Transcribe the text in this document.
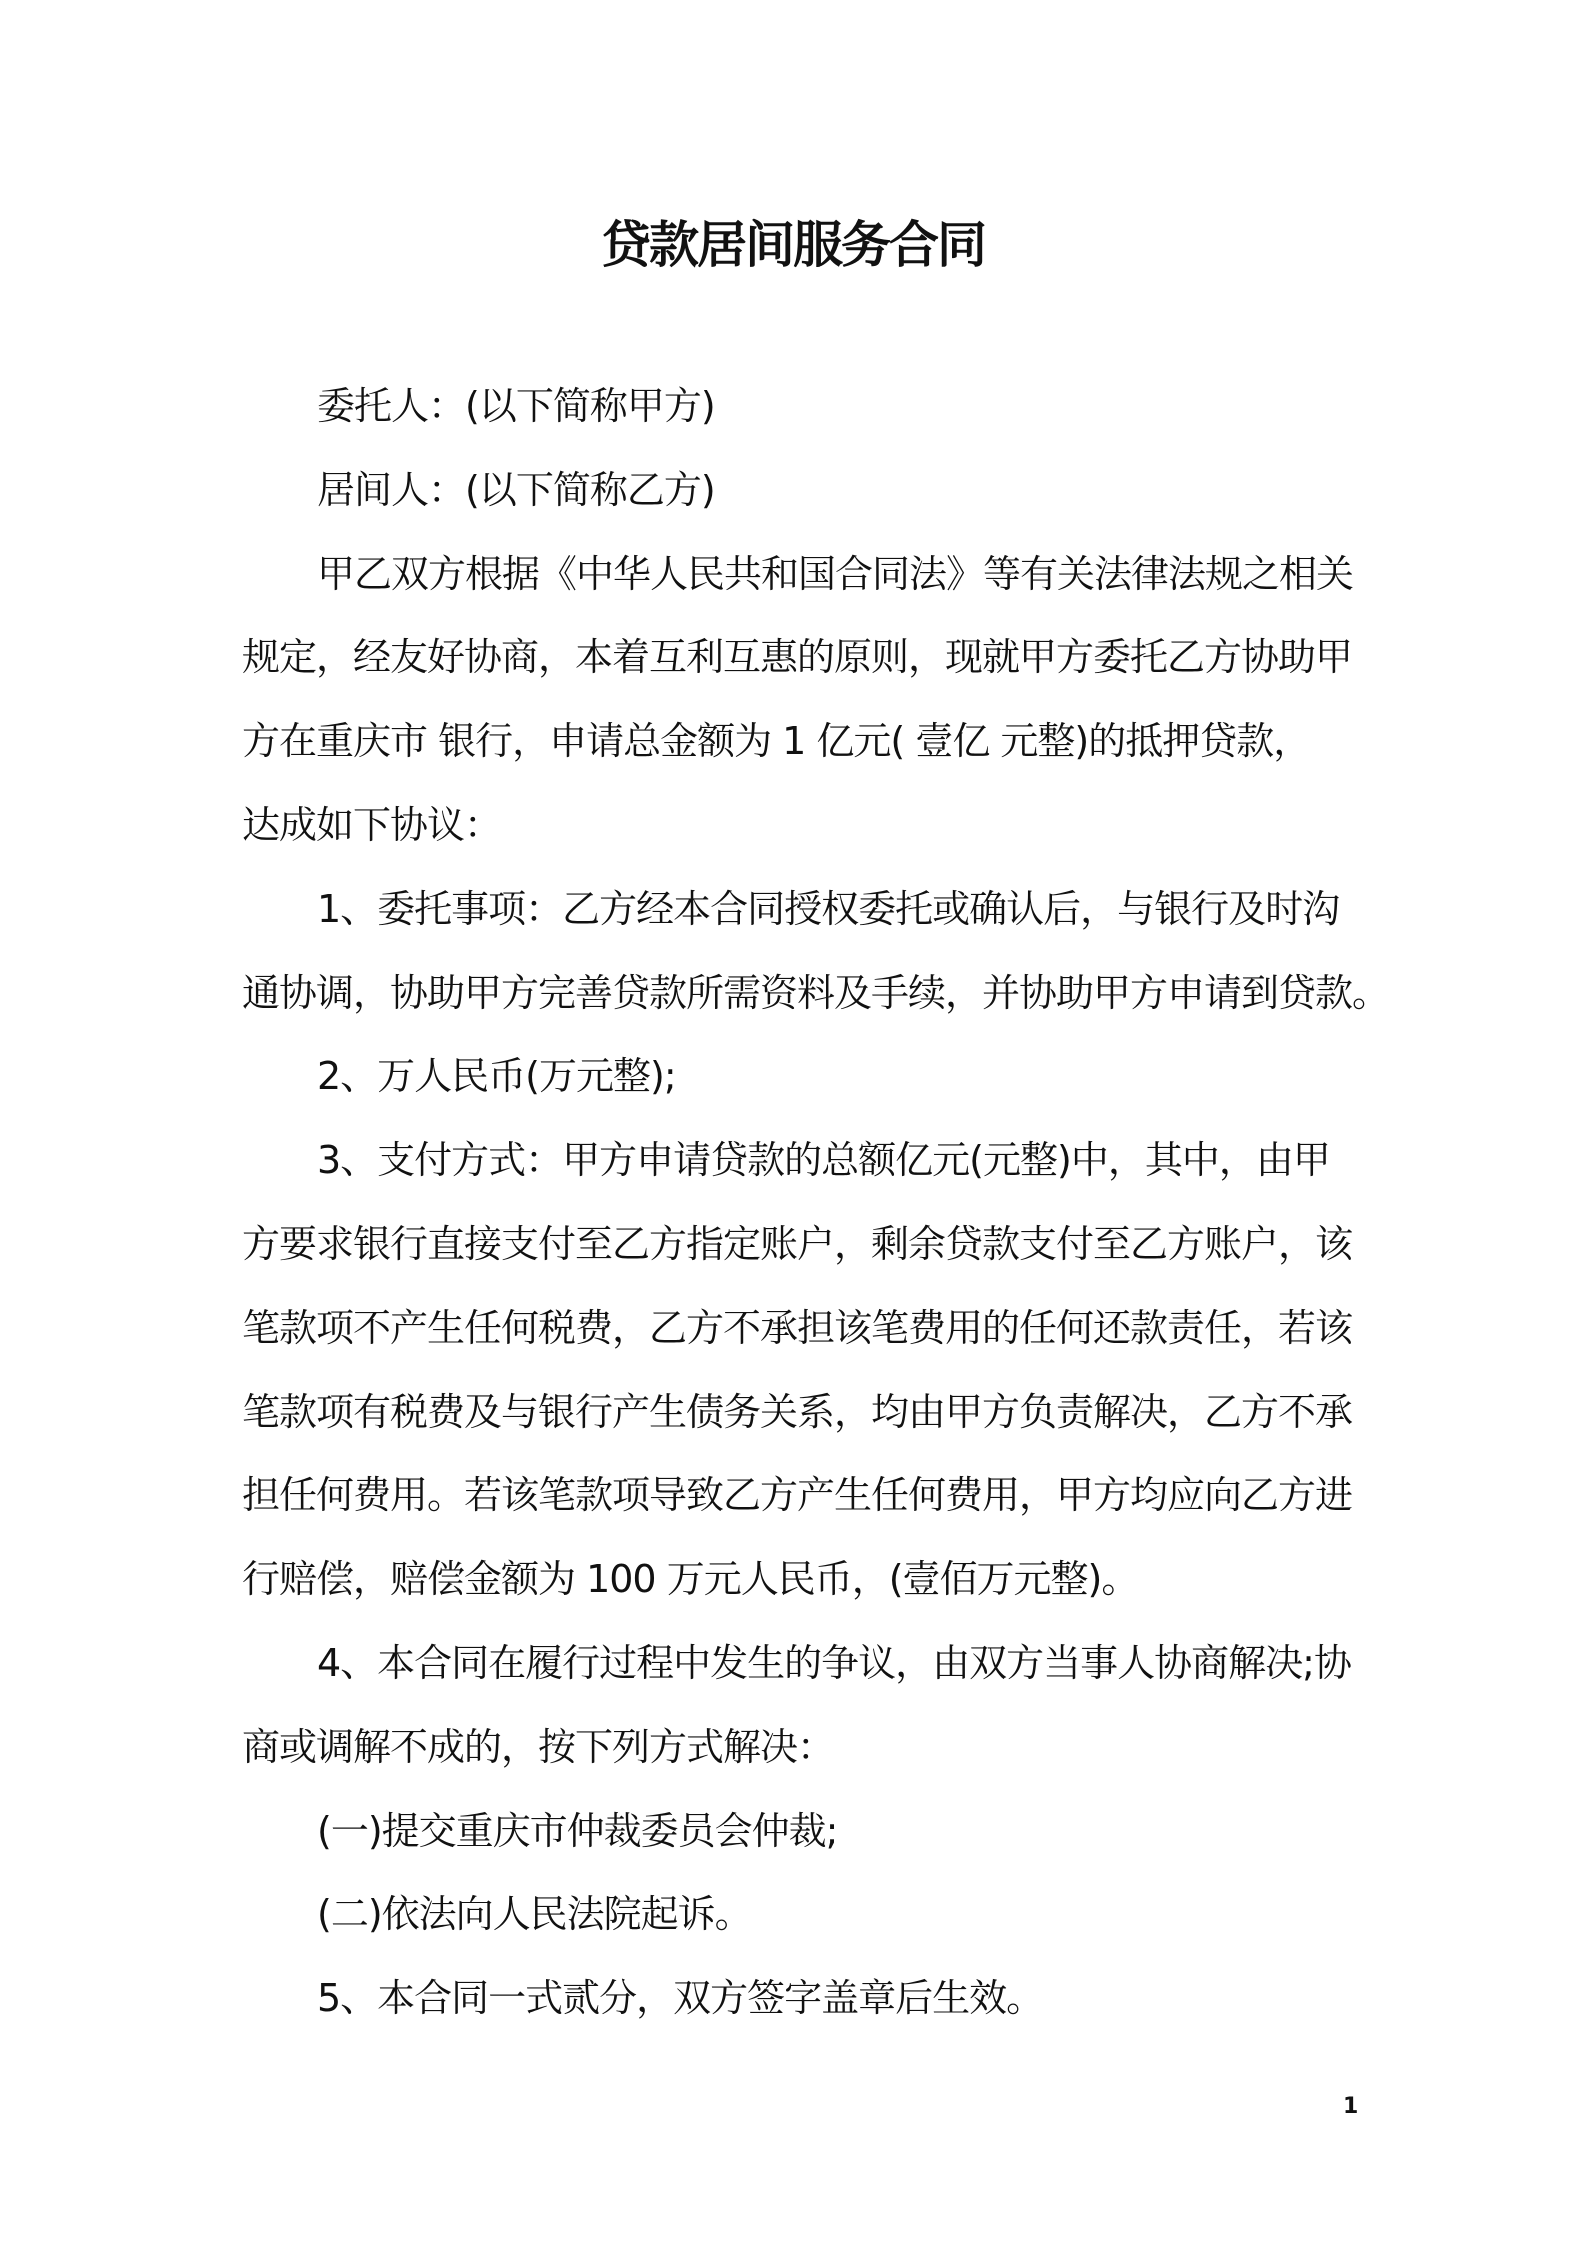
贷款居间服务合同
委托人：(以下简称甲方)
居间人：(以下简称乙方)
甲乙双方根据《中华人民共和国合同法》等有关法律法规之相关
规定，经友好协商，本着互利互惠的原则，现就甲方委托乙方协助甲
方在重庆市 银行，申请总金额为 1 亿元( 壹亿 元整)的抵押贷款，
达成如下协议：
1、委托事项：乙方经本合同授权委托或确认后，与银行及时沟
通协调，协助甲方完善贷款所需资料及手续，并协助甲方申请到贷款。
2、万人民币(万元整);
3、支付方式：甲方申请贷款的总额亿元(元整)中，其中，由甲
方要求银行直接支付至乙方指定账户，剩余贷款支付至乙方账户，该
笔款项不产生任何税费，乙方不承担该笔费用的任何还款责任，若该
笔款项有税费及与银行产生债务关系，均由甲方负责解决，乙方不承
担任何费用。若该笔款项导致乙方产生任何费用，甲方均应向乙方进
行赔偿，赔偿金额为 100 万元人民币，(壹佰万元整)。
4、本合同在履行过程中发生的争议，由双方当事人协商解决;协
商或调解不成的，按下列方式解决：
(一)提交重庆市仲裁委员会仲裁;
(二)依法向人民法院起诉。
5、本合同一式贰分，双方签字盖章后生效。
1
